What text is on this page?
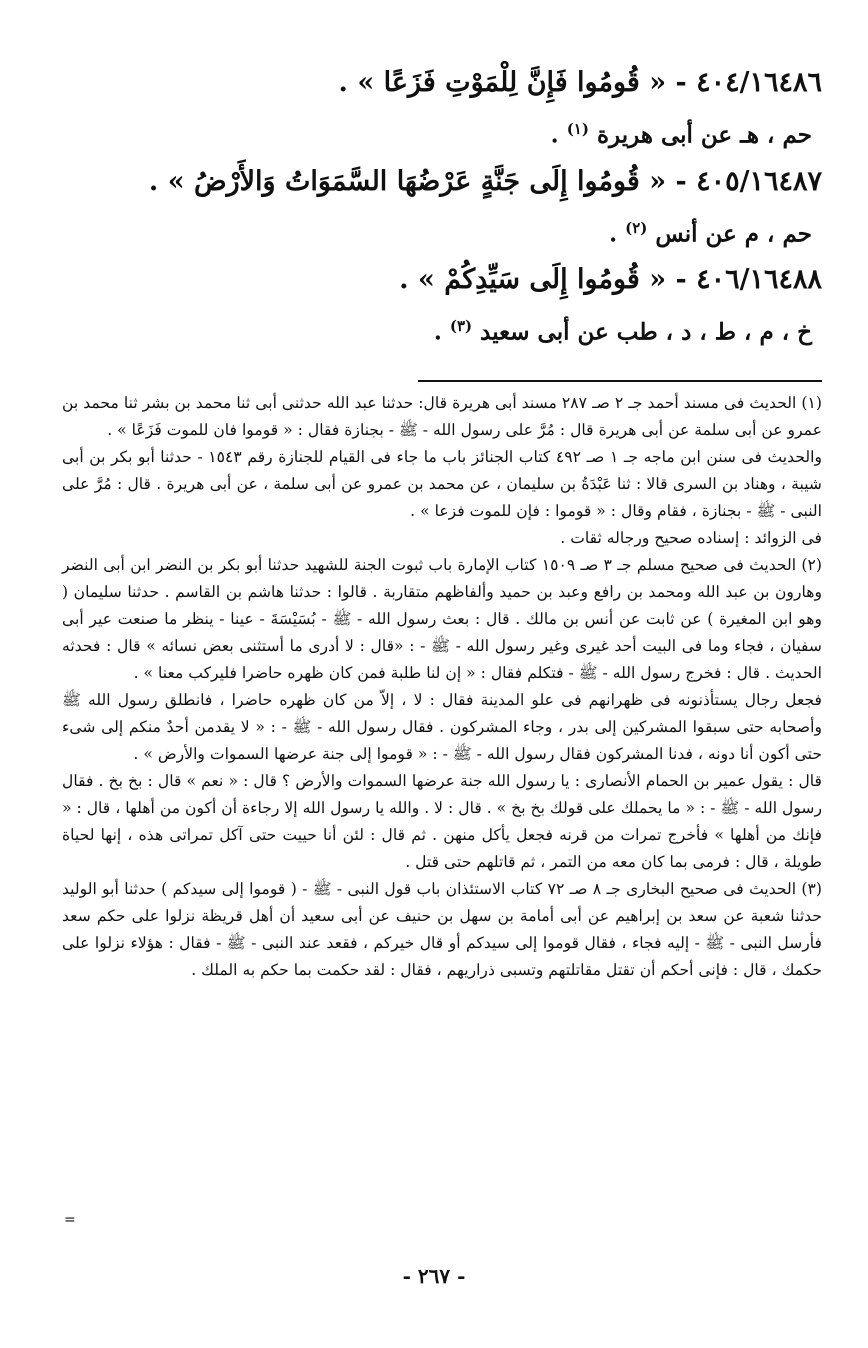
٤٠٤/١٦٤٨٦ - « قُومُوا فَإِنَّ لِلْمَوْتِ فَزَعًا » .

حم ، هـ عن أبى هريرة $^{(١)}$ .

٤٠٥/١٦٤٨٧ - « قُومُوا إِلَى جَنَّةٍ عَرْضُهَا السَّمَوَاتُ وَالأَرْضُ » .

حم ، م عن أنس $^{(٢)}$ .

٤٠٦/١٦٤٨٨ - « قُومُوا إِلَى سَيِّدِكُمْ » .

خ ، م ، ط ، د ، طب عن أبى سعيد $^{(٣)}$ .

(١) الحديث فى مسند أحمد جـ ٢ صـ ٢٨٧ مسند أبى هريرة قال: حدثنا عبد الله حدثنى أبى ثنا محمد بن بشر ثنا محمد بن عمرو عن أبى سلمة عن أبى هريرة قال : مُرَّ على رسول الله - ﷺ - بجنازة فقال : « قوموا فان للموت فَزَعًا » .

والحديث فى سنن ابن ماجه جـ ١ صـ ٤٩٢ كتاب الجنائز باب ما جاء فى القيام للجنازة رقم ١٥٤٣ - حدثنا أبو بكر بن أبى شيبة ، وهناد بن السرى قالا : ثنا عَبْدَةُ بن سليمان ، عن محمد بن عمرو عن أبى سلمة ، عن أبى هريرة . قال : مُرَّ على النبى - ﷺ - بجنازة ، فقام وقال : « قوموا : فإن للموت فزعا » .

فى الزوائد : إسناده صحيح ورجاله ثقات .

(٢) الحديث فى صحيح مسلم جـ ٣ صـ ١٥٠٩ كتاب الإمارة باب ثبوت الجنة للشهيد حدثنا أبو بكر بن النضر ابن أبى النضر وهارون بن عبد الله ومحمد بن رافع وعبد بن حميد وألفاظهم متقاربة . قالوا : حدثنا هاشم بن القاسم . حدثنا سليمان ( وهو ابن المغيرة ) عن ثابت عن أنس بن مالك . قال : بعث رسول الله - ﷺ - بُسَيْسَةَ - عينا - ينظر ما صنعت عير أبى سفيان ، فجاء وما فى البيت أحد غيرى وغير رسول الله - ﷺ - : «قال : لا أدرى ما أستثنى بعض نسائه » قال : فحدثه الحديث . قال : فخرج رسول الله - ﷺ - فتكلم فقال : « إن لنا طلبة فمن كان ظهره حاضرا فليركب معنا » .

فجعل رجال يستأذنونه فى ظهرانهم فى علو المدينة فقال : لا ، إلاّ من كان ظهره حاضرا ، فانطلق رسول الله ﷺ وأصحابه حتى سبقوا المشركين إلى بدر ، وجاء المشركون . فقال رسول الله - ﷺ - : « لا يقدمن أحدٌ منكم إلى شىء حتى أكون أنا دونه ، فدنا المشركون فقال رسول الله - ﷺ - : « قوموا إلى جنة عرضها السموات والأرض » .

قال : يقول عمير بن الحمام الأنصارى : يا رسول الله جنة عرضها السموات والأرض ؟ قال : « نعم » قال : بخ بخ . فقال رسول الله - ﷺ - : « ما يحملك على قولك بخ بخ » . قال : لا . والله يا رسول الله إلا رجاءة أن أكون من أهلها ، قال : « فإنك من أهلها » فأخرج تمرات من قرنه فجعل يأكل منهن . ثم قال : لئن أنا حييت حتى آكل تمراتى هذه ، إنها لحياة طويلة ، قال : فرمى بما كان معه من التمر ، ثم قاتلهم حتى قتل .

(٣) الحديث فى صحيح البخارى جـ ٨ صـ ٧٢ كتاب الاستئذان باب قول النبى - ﷺ - ( قوموا إلى سيدكم ) حدثنا أبو الوليد حدثنا شعبة عن سعد بن إبراهيم عن أبى أمامة بن سهل بن حنيف عن أبى سعيد أن أهل قريظة نزلوا على حكم سعد فأرسل النبى - ﷺ - إليه فجاء ، فقال قوموا إلى سيدكم أو قال خيركم ، فقعد عند النبى - ﷺ - فقال : هؤلاء نزلوا على حكمك ، قال : فإنى أحكم أن تقتل مقاتلتهم وتسبى ذراريهم ، فقال : لقد حكمت بما حكم به الملك .

=
- ٢٦٧ -
